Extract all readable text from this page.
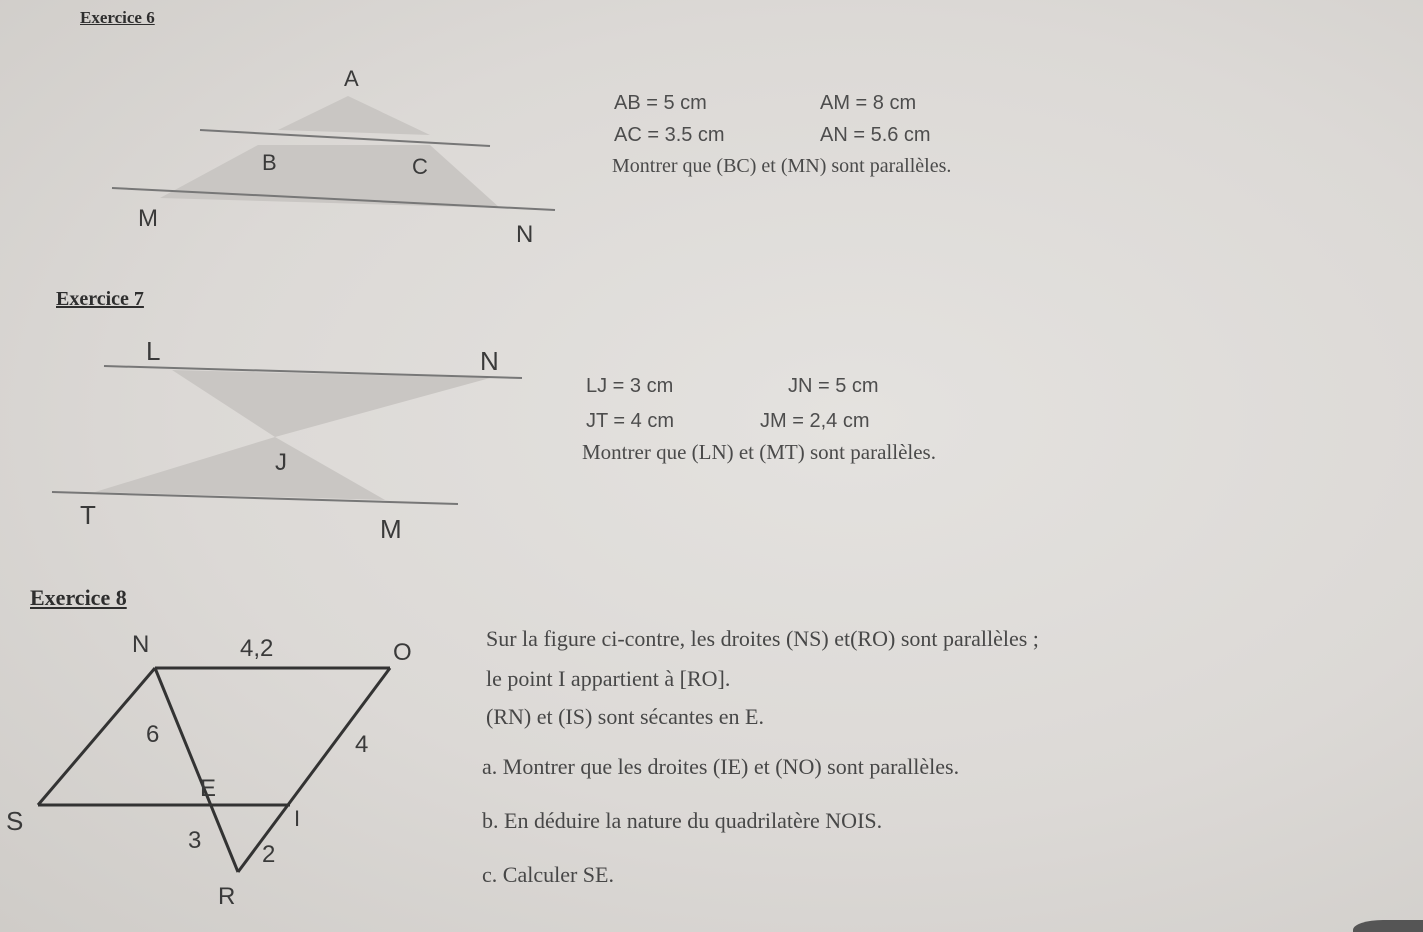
Exercice 6
A
B	C
M
N
AB = 5 cm	AM = 8 cm
AC = 3.5 cm	AN = 5.6 cm
Montrer que (BC) et (MN) sont parallèles.
Exercice 7
L	N
J
T	M
LJ = 3 cm	JN = 5 cm
JT = 4 cm	JM = 2,4 cm
Montrer que (LN) et (MT) sont parallèles.
Exercice 8
N	4,2	O
6	4
E
S	I
3
2
R
Sur la figure ci-contre, les droites (NS) et(RO) sont parallèles ;
le point I appartient à [RO].
(RN) et (IS) sont sécantes en E.
a. Montrer que les droites (IE) et (NO) sont parallèles.
b. En déduire la nature du quadrilatère NOIS.
c. Calculer SE.
